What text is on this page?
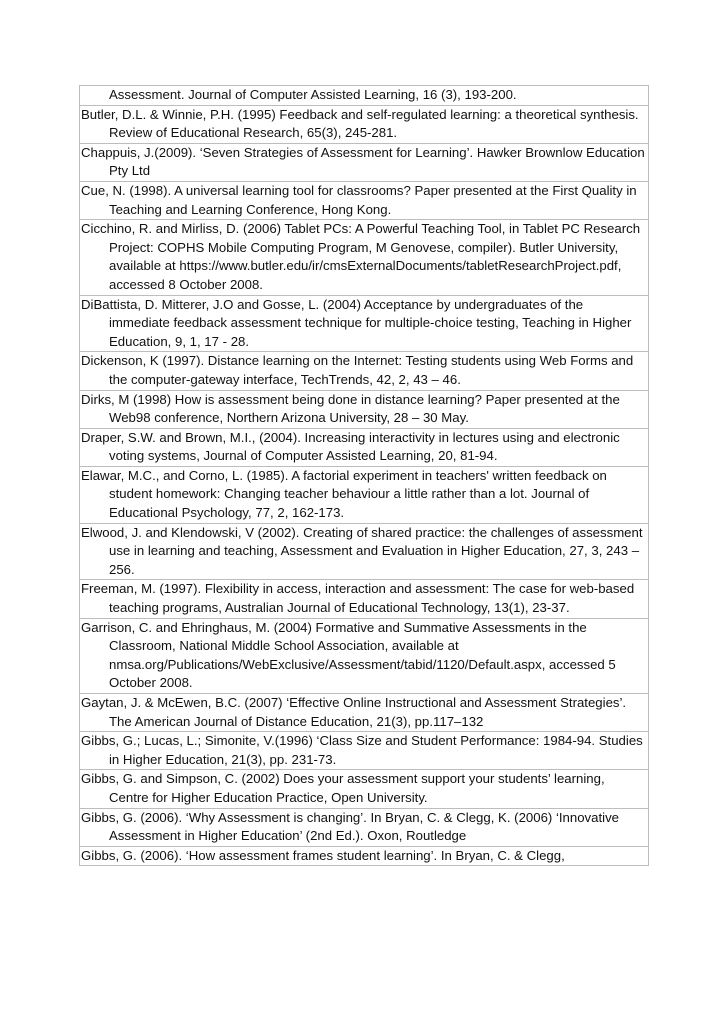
Assessment. Journal of Computer Assisted Learning, 16 (3), 193-200.
Butler, D.L. & Winnie, P.H. (1995) Feedback and self-regulated learning: a theoretical synthesis. Review of Educational Research, 65(3), 245-281.
Chappuis, J.(2009). ‘Seven Strategies of Assessment for Learning’. Hawker Brownlow Education Pty Ltd
Cue, N. (1998). A universal learning tool for classrooms? Paper presented at the First Quality in Teaching and Learning Conference, Hong Kong.
Cicchino, R. and Mirliss, D. (2006) Tablet PCs: A Powerful Teaching Tool, in Tablet PC Research Project: COPHS Mobile Computing Program, M Genovese, compiler). Butler University, available at https://www.butler.edu/ir/cmsExternalDocuments/tabletResearchProject.pdf, accessed 8 October 2008.
DiBattista, D. Mitterer, J.O and Gosse, L. (2004) Acceptance by undergraduates of the immediate feedback assessment technique for multiple-choice testing, Teaching in Higher Education, 9, 1, 17 - 28.
Dickenson, K (1997). Distance learning on the Internet: Testing students using Web Forms and the computer-gateway interface, TechTrends, 42, 2, 43 – 46.
Dirks, M (1998) How is assessment being done in distance learning? Paper presented at the Web98 conference, Northern Arizona University, 28 – 30 May.
Draper, S.W. and Brown, M.I., (2004). Increasing interactivity in lectures using and electronic voting systems, Journal of Computer Assisted Learning, 20, 81-94.
Elawar, M.C., and Corno, L. (1985). A factorial experiment in teachers' written feedback on student homework: Changing teacher behaviour a little rather than a lot. Journal of Educational Psychology, 77, 2, 162-173.
Elwood, J. and Klendowski, V (2002). Creating of shared practice: the challenges of assessment use in learning and teaching, Assessment and Evaluation in Higher Education, 27, 3, 243 – 256.
Freeman, M. (1997). Flexibility in access, interaction and assessment: The case for web-based teaching programs, Australian Journal of Educational Technology, 13(1), 23-37.
Garrison, C. and Ehringhaus, M. (2004) Formative and Summative Assessments in the Classroom, National Middle School Association, available at nmsa.org/Publications/WebExclusive/Assessment/tabid/1120/Default.aspx, accessed 5 October 2008.
Gaytan, J. & McEwen, B.C. (2007) ‘Effective Online Instructional and Assessment Strategies’. The American Journal of Distance Education, 21(3), pp.117–132
Gibbs, G.; Lucas, L.; Simonite, V.(1996) ‘Class Size and Student Performance: 1984-94. Studies in Higher Education, 21(3), pp. 231-73.
Gibbs, G. and Simpson, C. (2002) Does your assessment support your students’ learning, Centre for Higher Education Practice, Open University.
Gibbs, G. (2006). ‘Why Assessment is changing’. In Bryan, C. & Clegg, K. (2006) ‘Innovative Assessment in Higher Education’ (2nd Ed.). Oxon, Routledge
Gibbs, G. (2006). ‘How assessment frames student learning’. In Bryan, C. & Clegg,
